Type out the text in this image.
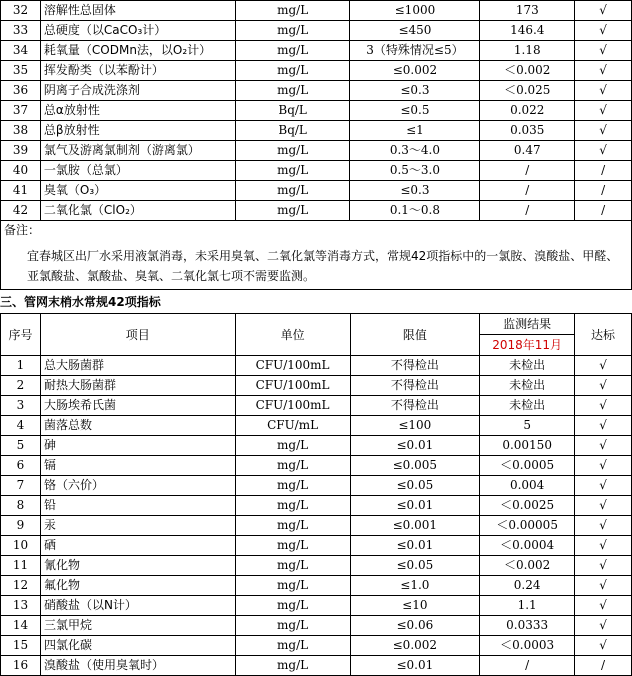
32	溶解性总固体	mg/L	≤1000	173	√
33	总硬度（以CaCO₃计）	mg/L	≤450	146.4	√
34	耗氧量（CODMn法，以O₂计）	mg/L	3（特殊情况≤5）	1.18	√
35	挥发酚类（以苯酚计）	mg/L	≤0.002	＜0.002	√
36	阴离子合成洗涤剂	mg/L	≤0.3	＜0.025	√
37	总α放射性	Bq/L	≤0.5	0.022	√
38	总β放射性	Bq/L	≤1	0.035	√
39	氯气及游离氯制剂（游离氯）	mg/L	0.3～4.0	0.47	√
40	一氯胺（总氯）	mg/L	0.5～3.0	/	/
41	臭氧（O₃）	mg/L	≤0.3	/	/
42	二氧化氯（ClO₂）	mg/L	0.1～0.8	/	/
备注：
宜春城区出厂水采用液氯消毒，未采用臭氧、二氧化氯等消毒方式，常规42项指标中的一氯胺、溴酸盐、甲醛、亚氯酸盐、氯酸盐、臭氧、二氧化氯七项不需要监测。
三、管网末梢水常规42项指标
序号	项目	单位	限值	监测结果	达标
				2018年11月	
1	总大肠菌群	CFU/100mL	不得检出	未检出	√
2	耐热大肠菌群	CFU/100mL	不得检出	未检出	√
3	大肠埃希氏菌	CFU/100mL	不得检出	未检出	√
4	菌落总数	CFU/mL	≤100	5	√
5	砷	mg/L	≤0.01	0.00150	√
6	镉	mg/L	≤0.005	＜0.0005	√
7	铬（六价）	mg/L	≤0.05	0.004	√
8	铅	mg/L	≤0.01	＜0.0025	√
9	汞	mg/L	≤0.001	＜0.00005	√
10	硒	mg/L	≤0.01	＜0.0004	√
11	氰化物	mg/L	≤0.05	＜0.002	√
12	氟化物	mg/L	≤1.0	0.24	√
13	硝酸盐（以N计）	mg/L	≤10	1.1	√
14	三氯甲烷	mg/L	≤0.06	0.0333	√
15	四氯化碳	mg/L	≤0.002	＜0.0003	√
16	溴酸盐（使用臭氧时）	mg/L	≤0.01	/	/
